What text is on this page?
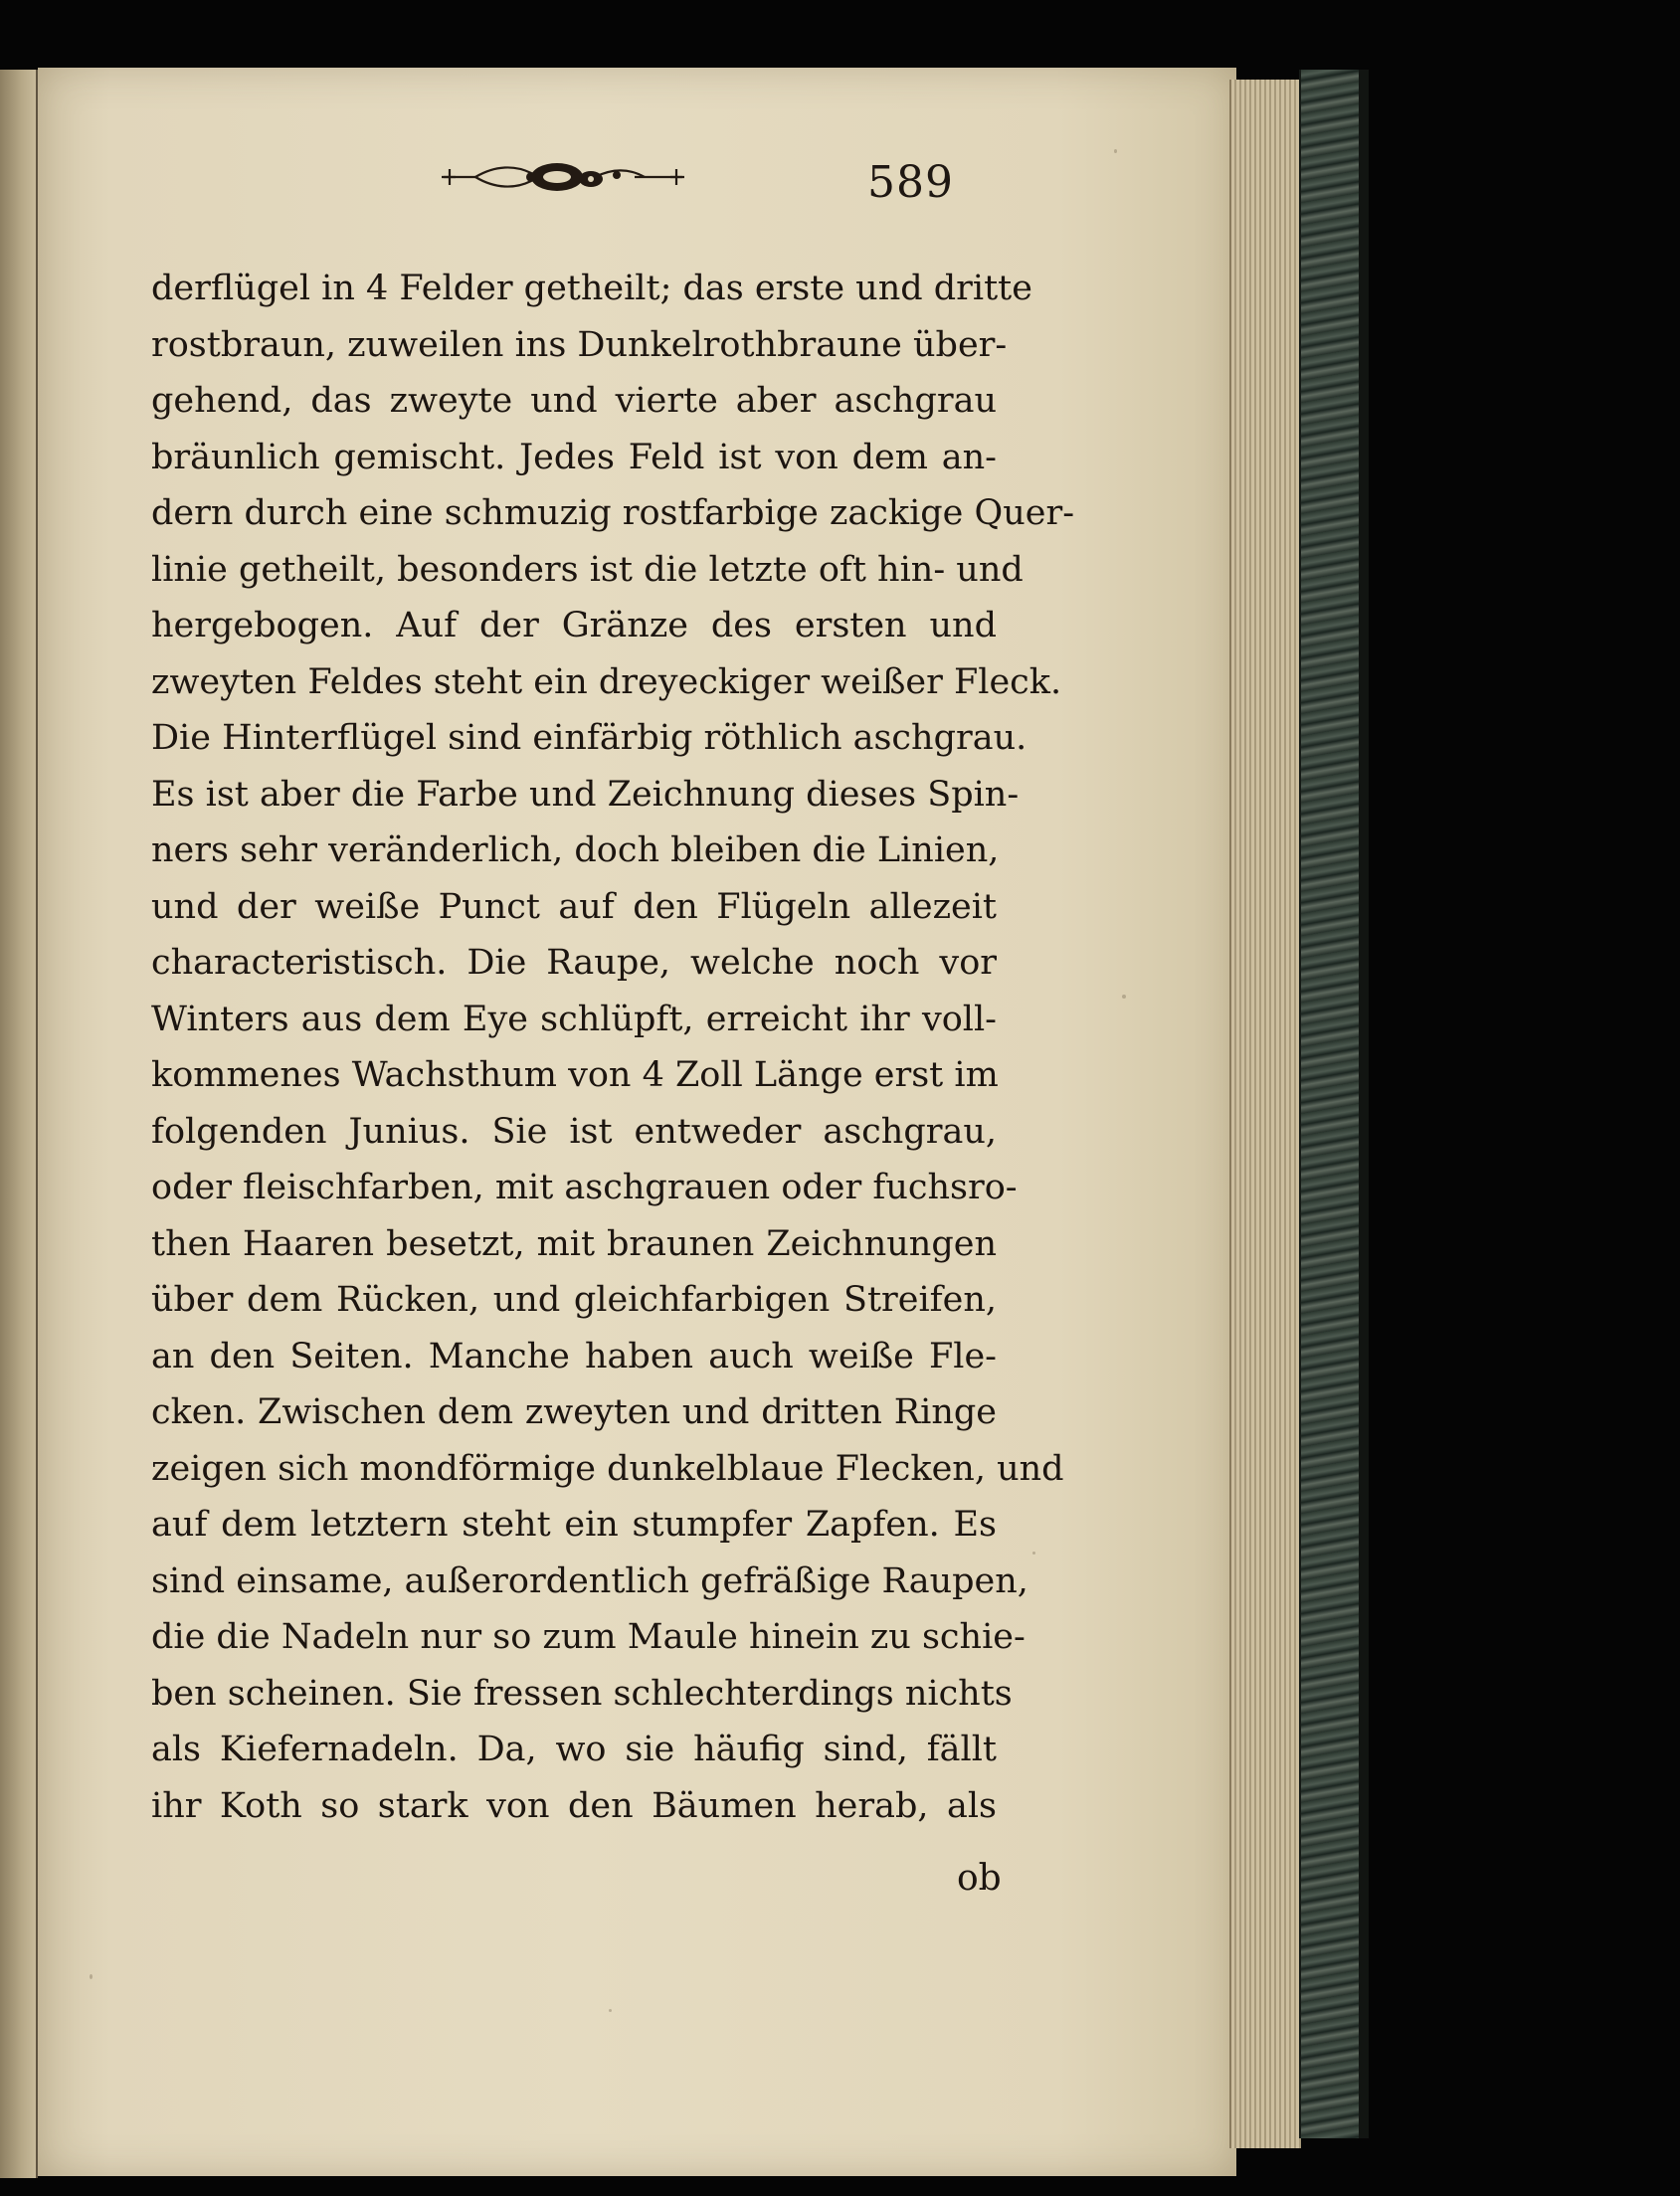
589
derflügel in 4 Felder getheilt; das erste und dritte
rostbraun, zuweilen ins Dunkelrothbraune über-
gehend, das zweyte und vierte aber aschgrau
bräunlich gemischt. Jedes Feld ist von dem an-
dern durch eine schmuzig rostfarbige zackige Quer-
linie getheilt, besonders ist die letzte oft hin- und
hergebogen. Auf der Gränze des ersten und
zweyten Feldes steht ein dreyeckiger weißer Fleck.
Die Hinterflügel sind einfärbig röthlich aschgrau.
Es ist aber die Farbe und Zeichnung dieses Spin-
ners sehr veränderlich, doch bleiben die Linien,
und der weiße Punct auf den Flügeln allezeit
characteristisch. Die Raupe, welche noch vor
Winters aus dem Eye schlüpft, erreicht ihr voll-
kommenes Wachsthum von 4 Zoll Länge erst im
folgenden Junius. Sie ist entweder aschgrau,
oder fleischfarben, mit aschgrauen oder fuchsro-
then Haaren besetzt, mit braunen Zeichnungen
über dem Rücken, und gleichfarbigen Streifen,
an den Seiten. Manche haben auch weiße Fle-
cken. Zwischen dem zweyten und dritten Ringe
zeigen sich mondförmige dunkelblaue Flecken, und
auf dem letztern steht ein stumpfer Zapfen. Es
sind einsame, außerordentlich gefräßige Raupen,
die die Nadeln nur so zum Maule hinein zu schie-
ben scheinen. Sie fressen schlechterdings nichts
als Kiefernadeln. Da, wo sie häufig sind, fällt
ihr Koth so stark von den Bäumen herab, als
ob
